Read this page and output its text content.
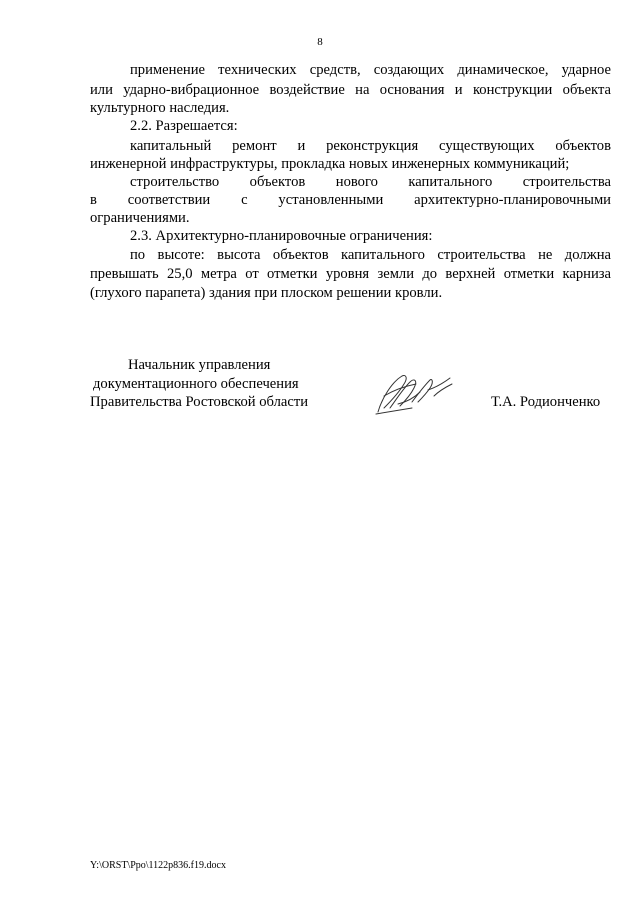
8
применение технических средств, создающих динамическое, ударное
или ударно-вибрационное воздействие на основания и конструкции объекта
культурного наследия.
2.2. Разрешается:
капитальный ремонт и реконструкция существующих объектов
инженерной инфраструктуры, прокладка новых инженерных коммуникаций;
строительство объектов нового капитального строительства
в соответствии с установленными архитектурно-планировочными
ограничениями.
2.3. Архитектурно-планировочные ограничения:
по высоте: высота объектов капитального строительства не должна
превышать 25,0 метра от отметки уровня земли до верхней отметки карниза
(глухого парапета) здания при плоском решении кровли.
Начальник управления
документационного обеспечения
Правительства Ростовской области	Т.А. Родионченко
Y:\ORST\Ppo\1122p836.f19.docx
